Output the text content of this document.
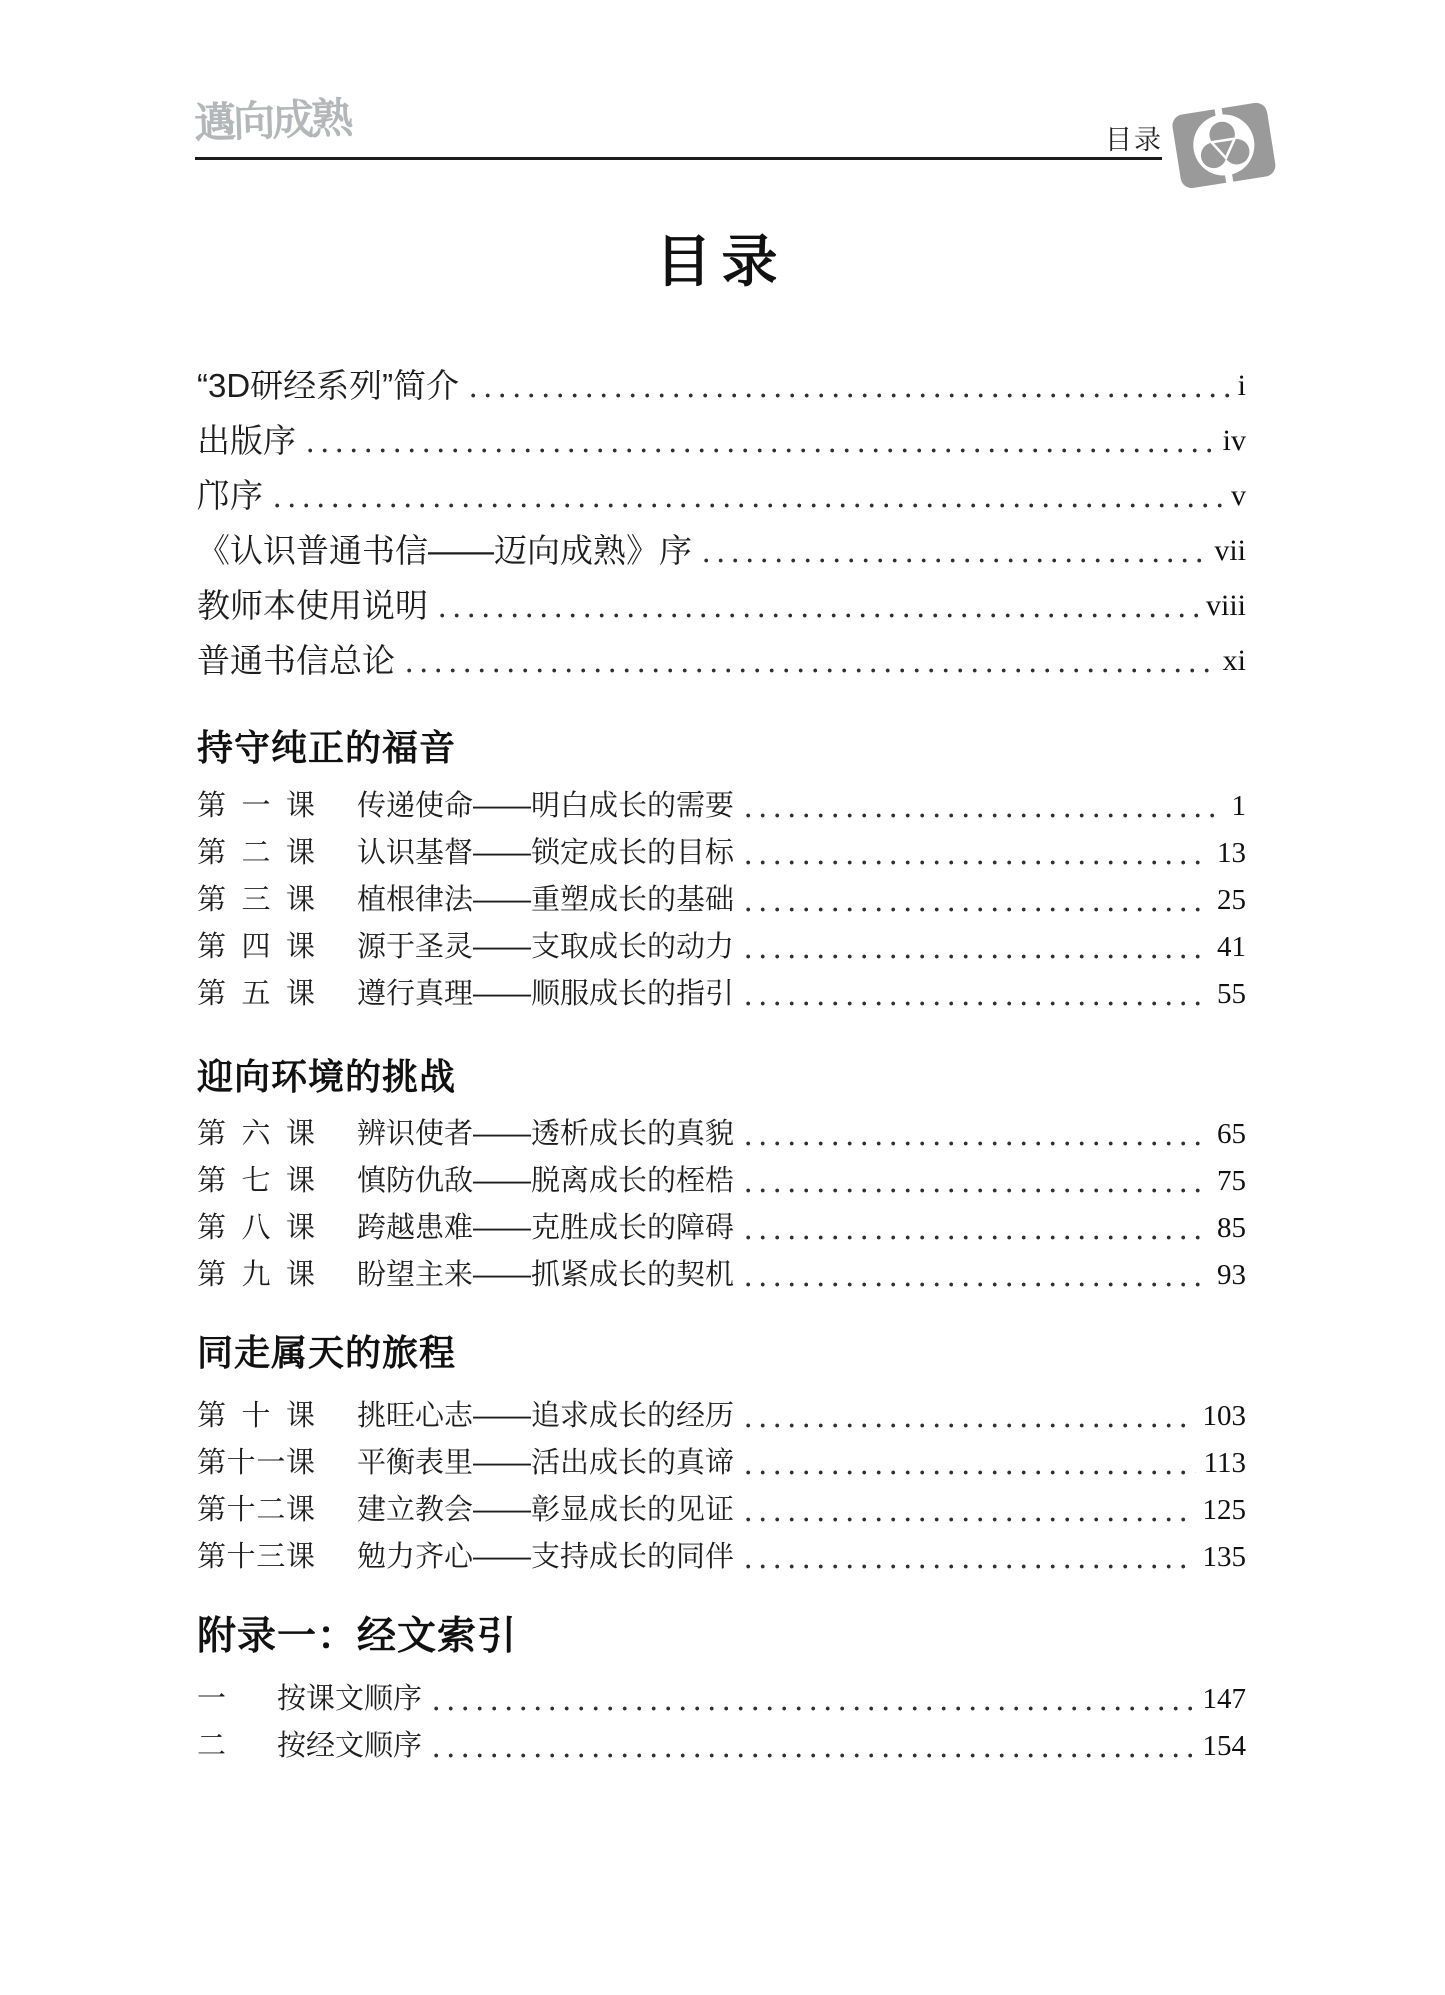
邁向成熟	目录
目录
“3D研经系列”简介	i
出版序	iv
邝序	v
《认识普通书信——迈向成熟》序	vii
教师本使用说明	viii
普通书信总论	xi
持守纯正的福音
第 一 课 传递使命——明白成长的需要	1
第 二 课 认识基督——锁定成长的目标	13
第 三 课 植根律法——重塑成长的基础	25
第 四 课 源于圣灵——支取成长的动力	41
第 五 课 遵行真理——顺服成长的指引	55
迎向环境的挑战
第 六 课 辨识使者——透析成长的真貌	65
第 七 课 慎防仇敌——脱离成长的桎梏	75
第 八 课 跨越患难——克胜成长的障碍	85
第 九 课 盼望主来——抓紧成长的契机	93
同走属天的旅程
第 十 课 挑旺心志——追求成长的经历	103
第十一课 平衡表里——活出成长的真谛	113
第十二课 建立教会——彰显成长的见证	125
第十三课 勉力齐心——支持成长的同伴	135
附录一：经文索引
一	按课文顺序	147
二	按经文顺序	154
